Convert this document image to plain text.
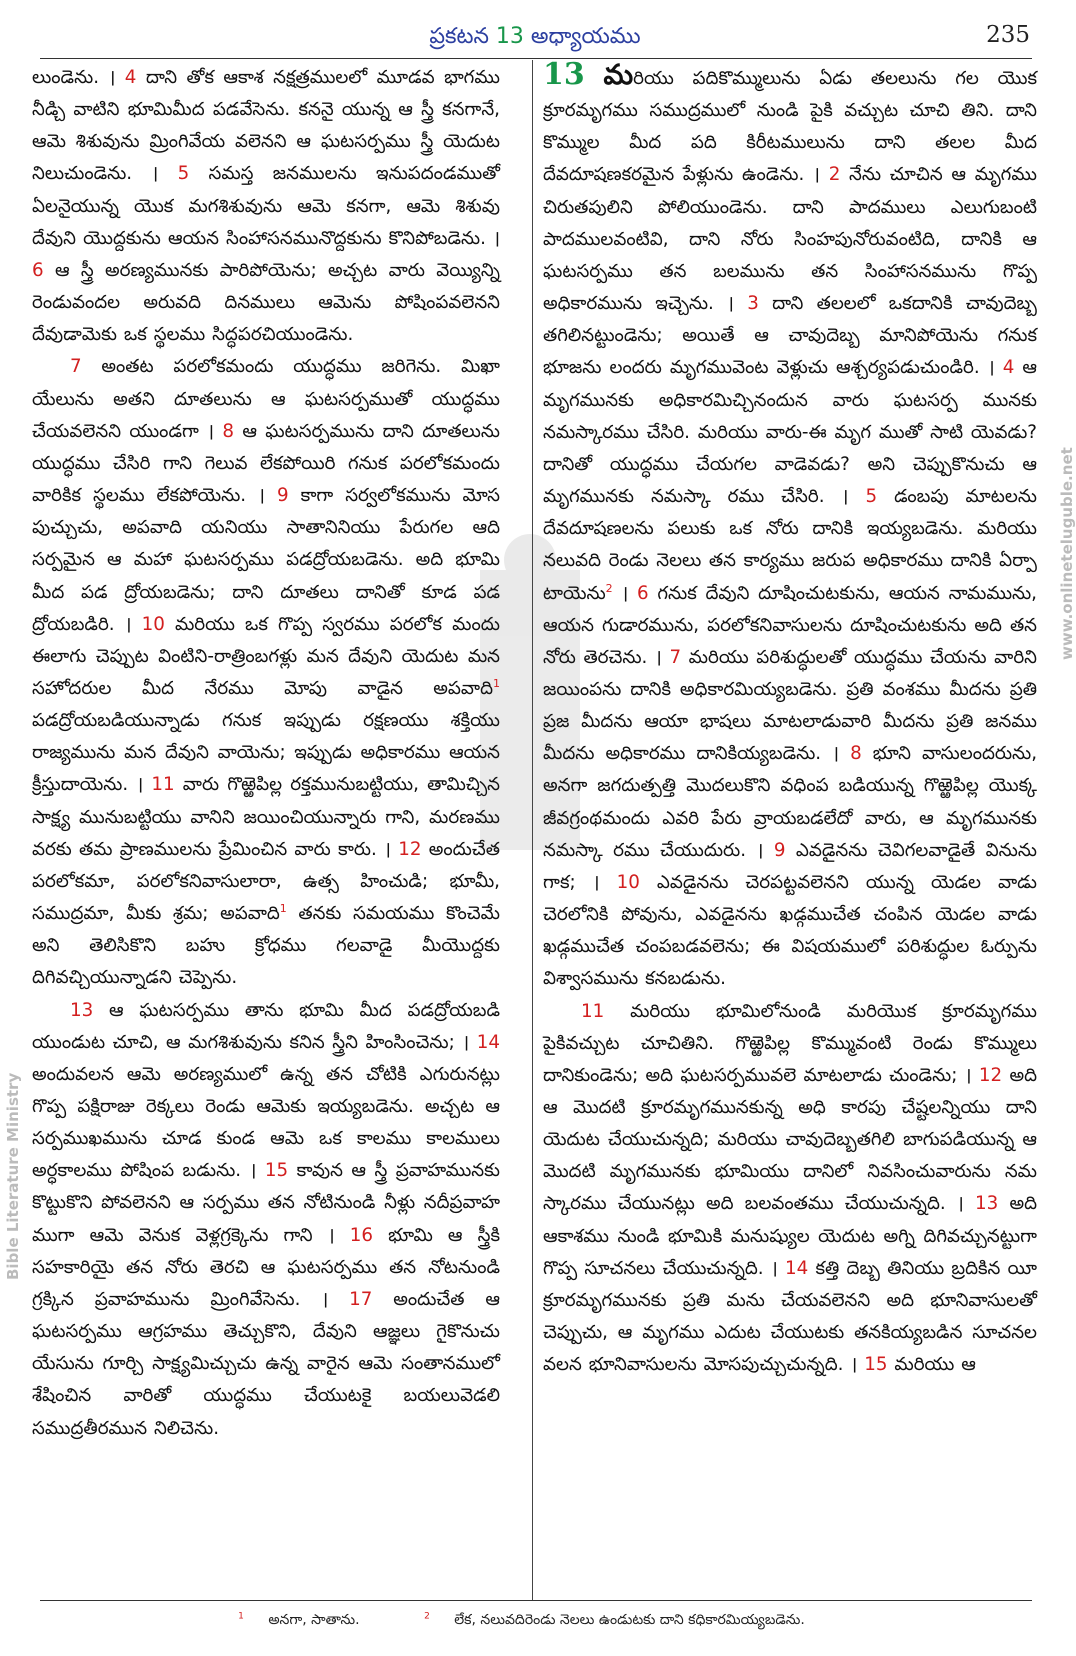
ప్రకటన 13 అధ్యాయము	235

లుండెను. । 4 దాని తోక ఆకాశ నక్షత్రములలో మూడవ భాగము నీడ్చి వాటిని భూమిమీద పడవేసెను. కననై యున్న ఆ స్త్రీ కనగానే, ఆమె శిశువును మ్రింగివేయ వలెనని ఆ ఘటసర్పము స్త్రీ యెదుట నిలుచుండెను. । 5 సమస్త జనములను ఇనుపదండముతో ఏలనైయున్న యొక మగశిశువును ఆమె కనగా, ఆమె శిశువు దేవుని యొద్దకును ఆయన సింహాసనమునొద్దకును కొనిపోబడెను. । 6 ఆ స్త్రీ అరణ్యమునకు పారిపోయెను; అచ్చట వారు వెయ్యిన్ని రెండువందల అరువది దినములు ఆమెను పోషింపవలెనని దేవుడామెకు ఒక స్థలము సిద్ధపరచియుండెను.

7 అంతట పరలోకమందు యుద్ధము జరిగెను. మిఖా యేలును అతని దూతలును ఆ ఘటసర్పముతో యుద్ధము చేయవలెనని యుండగా । 8 ఆ ఘటసర్పమును దాని దూతలును యుద్ధము చేసిరి గాని గెలువ లేకపోయిరి గనుక పరలోకమందు వారికిక స్థలము లేకపోయెను. । 9 కాగా సర్వలోకమును మోస పుచ్చుచు, అపవాది యనియు సాతానినియు పేరుగల ఆది సర్పమైన ఆ మహా ఘటసర్పము పడద్రోయబడెను. అది భూమి మీద పడ ద్రోయబడెను; దాని దూతలు దానితో కూడ పడ ద్రోయబడిరి. । 10 మరియు ఒక గొప్ప స్వరము పరలోక మందు ఈలాగు చెప్పుట వింటిని-రాత్రింబగళ్లు మన దేవుని యెదుట మన సహోదరుల మీద నేరము మోపు వాడైన అపవాది$^1$ పడద్రోయబడియున్నాడు గనుక ఇప్పుడు రక్షణయు శక్తియు రాజ్యమును మన దేవుని వాయెను; ఇప్పుడు అధికారము ఆయన క్రీస్తుదాయెను. । 11 వారు గొఱ్ఱెపిల్ల రక్తమునుబట్టియు, తామిచ్చిన సాక్ష్య మునుబట్టియు వానిని జయించియున్నారు గాని, మరణము వరకు తమ ప్రాణములను ప్రేమించిన వారు కారు. । 12 అందుచేత పరలోకమా, పరలోకనివాసులారా, ఉత్స హించుడి; భూమీ, సముద్రమా, మీకు శ్రమ; అపవాది$^1$ తనకు సమయము కొంచెమే అని తెలిసికొని బహు క్రోధము గలవాడై మీయొద్దకు దిగివచ్చియున్నాడని చెప్పెను.

13 ఆ ఘటసర్పము తాను భూమి మీద పడద్రోయబడి యుండుట చూచి, ఆ మగశిశువును కనిన స్త్రీని హింసించెను; । 14 అందువలన ఆమె అరణ్యములో ఉన్న తన చోటికి ఎగురునట్లు గొప్ప పక్షిరాజు రెక్కలు రెండు ఆమెకు ఇయ్యబడెను. అచ్చట ఆ సర్పముఖమును చూడ కుండ ఆమె ఒక కాలము కాలములు అర్ధకాలము పోషింప బడును. । 15 కావున ఆ స్త్రీ ప్రవాహమునకు కొట్టుకొని పోవలెనని ఆ సర్పము తన నోటినుండి నీళ్లు నదీప్రవాహ ముగా ఆమె వెనుక వెళ్లగ్రక్కెను గాని । 16 భూమి ఆ స్త్రీకి సహకారియై తన నోరు తెరచి ఆ ఘటసర్పము తన నోటనుండి గ్రక్కిన ప్రవాహమును మ్రింగివేసెను. । 17 అందుచేత ఆ ఘటసర్పము ఆగ్రహము తెచ్చుకొని, దేవుని ఆజ్ఞలు గైకొనుచు యేసును గూర్చి సాక్ష్యమిచ్చుచు ఉన్న వారైన ఆమె సంతానములో శేషించిన వారితో యుద్ధము చేయుటకై బయలువెడలి సముద్రతీరమున నిలిచెను.

13 మరియు పదికొమ్ములును ఏడు తలలును గల యొక క్రూరమృగము సముద్రములో నుండి పైకి వచ్చుట చూచి తిని. దాని కొమ్ముల మీద పది కిరీటములును దాని తలల మీద దేవదూషణకరమైన పేళ్లును ఉండెను. । 2 నేను చూచిన ఆ మృగము చిరుతపులిని పోలియుండెను. దాని పాదములు ఎలుగుబంటి పాదములవంటివి, దాని నోరు సింహపునోరువంటిది, దానికి ఆ ఘటసర్పము తన బలమును తన సింహాసనమును గొప్ప అధికారమును ఇచ్చెను. । 3 దాని తలలలో ఒకదానికి చావుదెబ్బ తగిలినట్టుండెను; అయితే ఆ చావుదెబ్బ మానిపోయెను గనుక భూజను లందరు మృగమువెంట వెళ్లుచు ఆశ్చర్యపడుచుండిరి. । 4 ఆ మృగమునకు అధికారమిచ్చినందున వారు ఘటసర్ప మునకు నమస్కారము చేసిరి. మరియు వారు-ఈ మృగ ముతో సాటి యెవడు? దానితో యుద్ధము చేయగల వాడెవడు? అని చెప్పుకొనుచు ఆ మృగమునకు నమస్కా రము చేసిరి. । 5 డంబపు మాటలను దేవదూషణలను పలుకు ఒక నోరు దానికి ఇయ్యబడెను. మరియు నలువది రెండు నెలలు తన కార్యము జరుప అధికారము దానికి ఏర్పా టాయెను$^2$ । 6 గనుక దేవుని దూషించుటకును, ఆయన నామమును, ఆయన గుడారమును, పరలోకనివాసులను దూషించుటకును అది తన నోరు తెరచెను. । 7 మరియు పరిశుద్ధులతో యుద్ధము చేయను వారిని జయింపను దానికి అధికారమియ్యబడెను. ప్రతి వంశము మీదను ప్రతి ప్రజ మీదను ఆయా భాషలు మాటలాడువారి మీదను ప్రతి జనము మీదను అధికారము దానికియ్యబడెను. । 8 భూని వాసులందరును, అనగా జగదుత్పత్తి మొదలుకొని వధింప బడియున్న గొఱ్ఱెపిల్ల యొక్క జీవగ్రంథమందు ఎవరి పేరు వ్రాయబడలేదో వారు, ఆ మృగమునకు నమస్కా రము చేయుదురు. । 9 ఎవడైనను చెవిగలవాడైతే వినును గాక; । 10 ఎవడైనను చెరపట్టవలెనని యున్న యెడల వాడు చెరలోనికి పోవును, ఎవడైనను ఖడ్గముచేత చంపిన యెడల వాడు ఖడ్గముచేత చంపబడవలెను; ఈ విషయములో పరిశుద్ధుల ఓర్పును విశ్వాసమును కనబడును.

11 మరియు భూమిలోనుండి మరియొక క్రూరమృగము పైకివచ్చుట చూచితిని. గొఱ్ఱెపిల్ల కొమ్మువంటి రెండు కొమ్ములు దానికుండెను; అది ఘటసర్పమువలె మాటలాడు చుండెను; । 12 అది ఆ మొదటి క్రూరమృగమునకున్న అధి కారపు చేష్టలన్నియు దాని యెదుట చేయుచున్నది; మరియు చావుదెబ్బతగిలి బాగుపడియున్న ఆ మొదటి మృగమునకు భూమియు దానిలో నివసించువారును నమ స్కారము చేయునట్లు అది బలవంతము చేయుచున్నది. । 13 అది ఆకాశము నుండి భూమికి మనుష్యుల యెదుట అగ్ని దిగివచ్చునట్టుగా గొప్ప సూచనలు చేయుచున్నది. । 14 కత్తి దెబ్బ తినియు బ్రదికిన యీ క్రూరమృగమునకు ప్రతి మను చేయవలెనని అది భూనివాసులతో చెప్పుచు, ఆ మృగము ఎదుట చేయుటకు తనకియ్యబడిన సూచనల వలన భూనివాసులను మోసపుచ్చుచున్నది. । 15 మరియు ఆ

$^1$ అనగా, సాతాను.	$^2$ లేక, నలువదిరెండు నెలలు ఉండుటకు దాని కధికారమియ్యబడెను.
Bible Literature Ministry
www.onlineteluguble.net
